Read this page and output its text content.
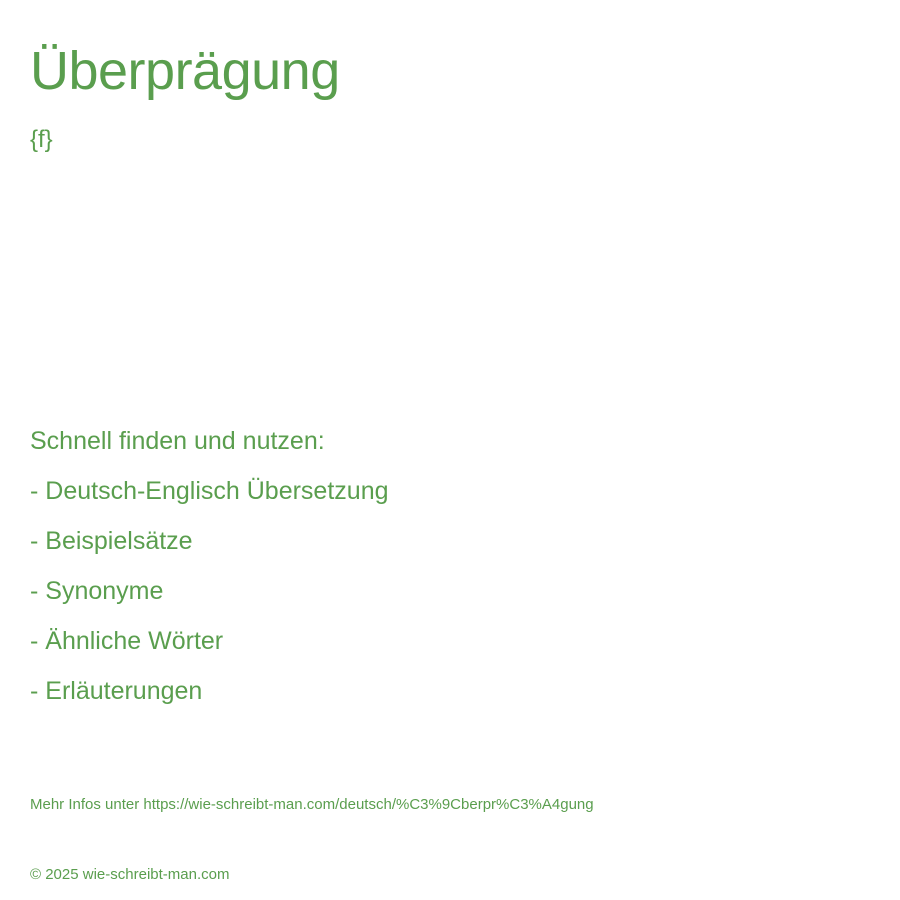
Überprägung
{f}
Schnell finden und nutzen:
- Deutsch-Englisch Übersetzung
- Beispielsätze
- Synonyme
- Ähnliche Wörter
- Erläuterungen
Mehr Infos unter https://wie-schreibt-man.com/deutsch/%C3%9Cberpr%C3%A4gung
© 2025 wie-schreibt-man.com
